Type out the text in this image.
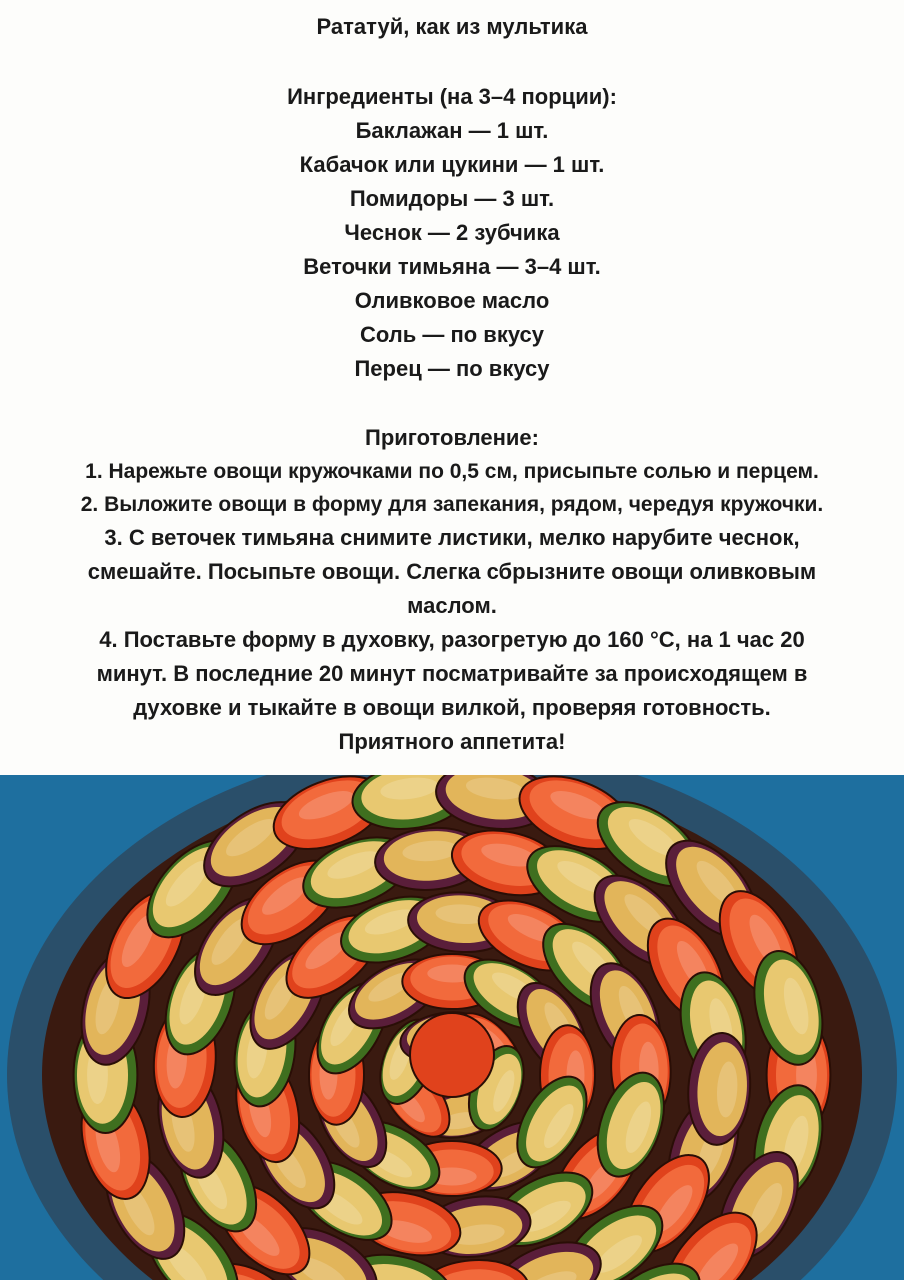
Рататуй, как из мультика
Ингредиенты (на 3–4 порции):
Баклажан — 1 шт.
Кабачок или цукини — 1 шт.
Помидоры — 3 шт.
Чеснок — 2 зубчика
Веточки тимьяна — 3–4 шт.
Оливковое масло
Соль — по вкусу
Перец — по вкусу
Приготовление:
1. Нарежьте овощи кружочками по 0,5 см, присыпьте солью и перцем.
2. Выложите овощи в форму для запекания, рядом, чередуя кружочки.
3. С веточек тимьяна снимите листики, мелко нарубите чеснок,
смешайте. Посыпьте овощи. Слегка сбрызните овощи оливковым
маслом.
4. Поставьте форму в духовку, разогретую до 160 °С, на 1 час 20
минут. В последние 20 минут посматривайте за происходящем в
духовке и тыкайте в овощи вилкой, проверяя готовность.
Приятного аппетита!
